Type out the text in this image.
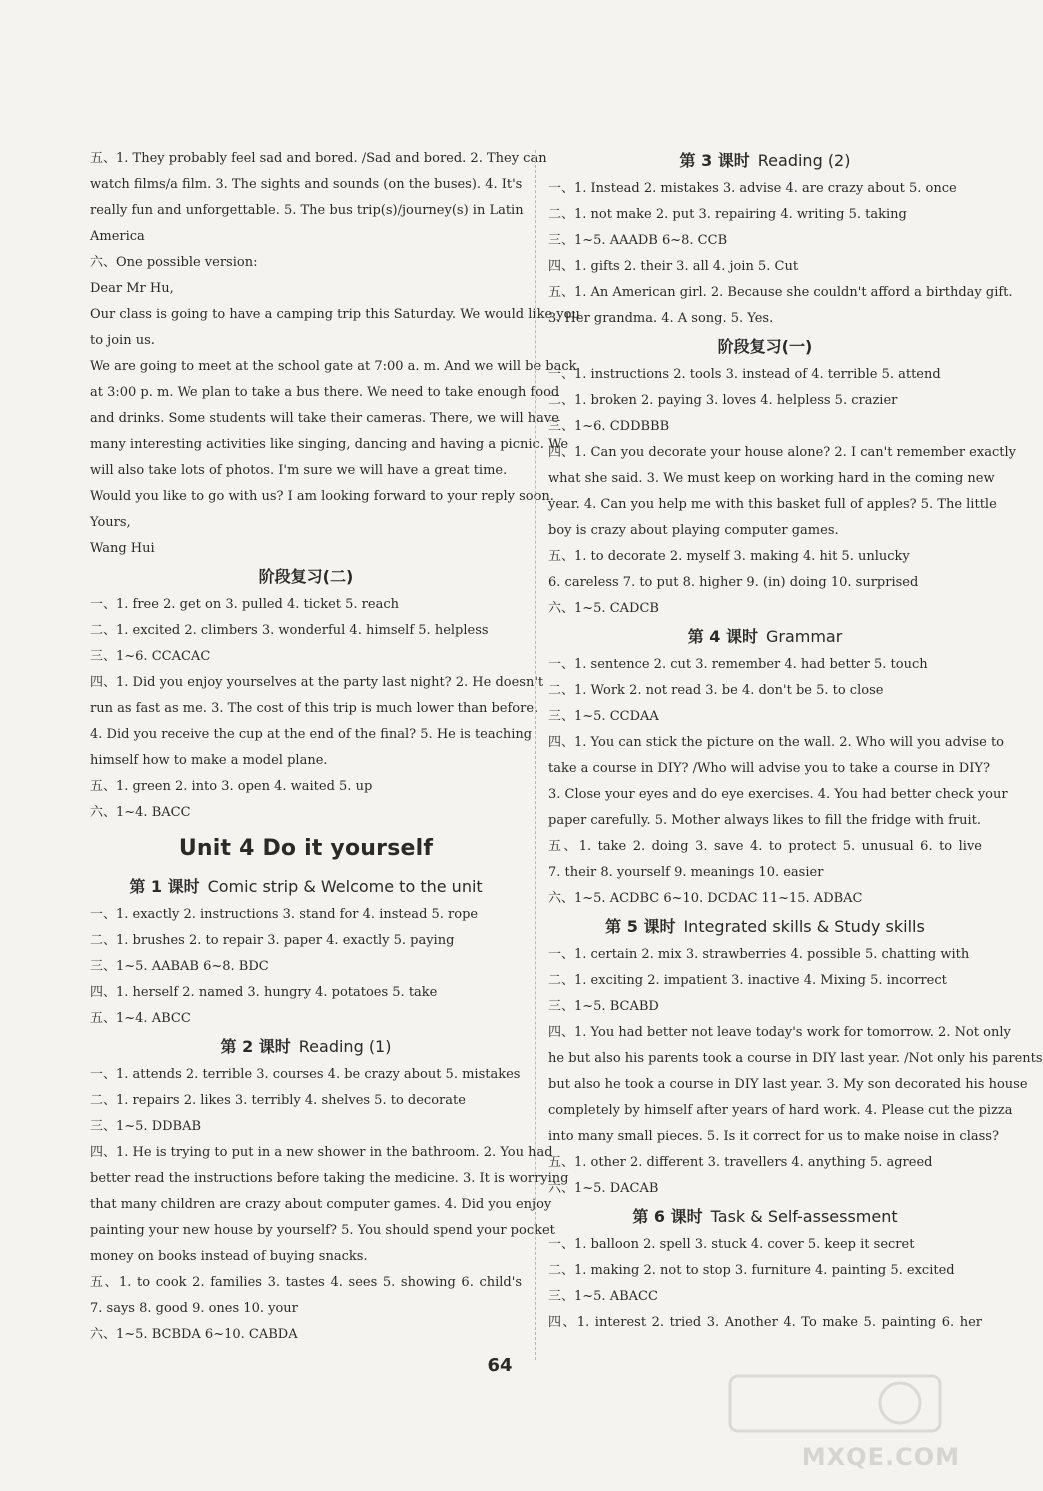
五、1. They probably feel sad and bored. /Sad and bored. 2. They can
watch films/a film. 3. The sights and sounds (on the buses). 4. It's
really fun and unforgettable. 5. The bus trip(s)/journey(s) in Latin
America
六、One possible version:
Dear Mr Hu,
Our class is going to have a camping trip this Saturday. We would like you
to join us.
We are going to meet at the school gate at 7:00 a. m. And we will be back
at 3:00 p. m. We plan to take a bus there. We need to take enough food
and drinks. Some students will take their cameras. There, we will have
many interesting activities like singing, dancing and having a picnic. We
will also take lots of photos. I'm sure we will have a great time.
Would you like to go with us? I am looking forward to your reply soon.
Yours,
Wang Hui
阶段复习(二)
一、1. free 2. get on 3. pulled 4. ticket 5. reach
二、1. excited 2. climbers 3. wonderful 4. himself 5. helpless
三、1~6. CCACAC
四、1. Did you enjoy yourselves at the party last night? 2. He doesn't
run as fast as me. 3. The cost of this trip is much lower than before.
4. Did you receive the cup at the end of the final? 5. He is teaching
himself how to make a model plane.
五、1. green 2. into 3. open 4. waited 5. up
六、1~4. BACC
Unit 4 Do it yourself
第 1 课时 Comic strip & Welcome to the unit
一、1. exactly 2. instructions 3. stand for 4. instead 5. rope
二、1. brushes 2. to repair 3. paper 4. exactly 5. paying
三、1~5. AABAB 6~8. BDC
四、1. herself 2. named 3. hungry 4. potatoes 5. take
五、1~4. ABCC
第 2 课时 Reading (1)
一、1. attends 2. terrible 3. courses 4. be crazy about 5. mistakes
二、1. repairs 2. likes 3. terribly 4. shelves 5. to decorate
三、1~5. DDBAB
四、1. He is trying to put in a new shower in the bathroom. 2. You had
better read the instructions before taking the medicine. 3. It is worrying
that many children are crazy about computer games. 4. Did you enjoy
painting your new house by yourself? 5. You should spend your pocket
money on books instead of buying snacks.
五、1. to cook 2. families 3. tastes 4. sees 5. showing 6. child's
7. says 8. good 9. ones 10. your
六、1~5. BCBDA 6~10. CABDA
第 3 课时 Reading (2)
一、1. Instead 2. mistakes 3. advise 4. are crazy about 5. once
二、1. not make 2. put 3. repairing 4. writing 5. taking
三、1~5. AAADB 6~8. CCB
四、1. gifts 2. their 3. all 4. join 5. Cut
五、1. An American girl. 2. Because she couldn't afford a birthday gift.
3. Her grandma. 4. A song. 5. Yes.
阶段复习(一)
一、1. instructions 2. tools 3. instead of 4. terrible 5. attend
二、1. broken 2. paying 3. loves 4. helpless 5. crazier
三、1~6. CDDBBB
四、1. Can you decorate your house alone? 2. I can't remember exactly
what she said. 3. We must keep on working hard in the coming new
year. 4. Can you help me with this basket full of apples? 5. The little
boy is crazy about playing computer games.
五、1. to decorate 2. myself 3. making 4. hit 5. unlucky
6. careless 7. to put 8. higher 9. (in) doing 10. surprised
六、1~5. CADCB
第 4 课时 Grammar
一、1. sentence 2. cut 3. remember 4. had better 5. touch
二、1. Work 2. not read 3. be 4. don't be 5. to close
三、1~5. CCDAA
四、1. You can stick the picture on the wall. 2. Who will you advise to
take a course in DIY? /Who will advise you to take a course in DIY?
3. Close your eyes and do eye exercises. 4. You had better check your
paper carefully. 5. Mother always likes to fill the fridge with fruit.
五、1. take 2. doing 3. save 4. to protect 5. unusual 6. to live
7. their 8. yourself 9. meanings 10. easier
六、1~5. ACDBC 6~10. DCDAC 11~15. ADBAC
第 5 课时 Integrated skills & Study skills
一、1. certain 2. mix 3. strawberries 4. possible 5. chatting with
二、1. exciting 2. impatient 3. inactive 4. Mixing 5. incorrect
三、1~5. BCABD
四、1. You had better not leave today's work for tomorrow. 2. Not only
he but also his parents took a course in DIY last year. /Not only his parents
but also he took a course in DIY last year. 3. My son decorated his house
completely by himself after years of hard work. 4. Please cut the pizza
into many small pieces. 5. Is it correct for us to make noise in class?
五、1. other 2. different 3. travellers 4. anything 5. agreed
六、1~5. DACAB
第 6 课时 Task & Self-assessment
一、1. balloon 2. spell 3. stuck 4. cover 5. keep it secret
二、1. making 2. not to stop 3. furniture 4. painting 5. excited
三、1~5. ABACC
四、1. interest 2. tried 3. Another 4. To make 5. painting 6. her
64
MXQE.COM
